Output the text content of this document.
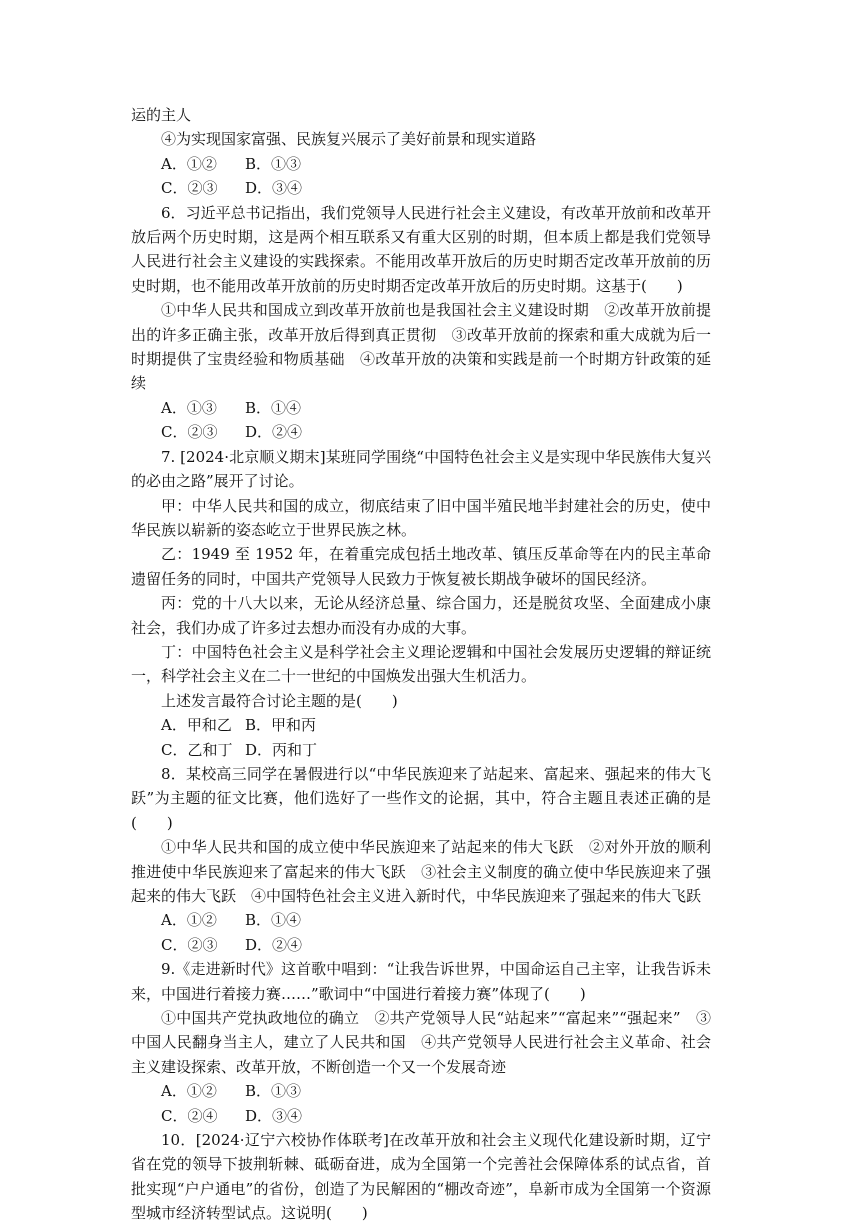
运的主人

④为实现国家富强、民族复兴展示了美好前景和现实道路

A．①②	B．①③
C．②③	D．③④

6．习近平总书记指出，我们党领导人民进行社会主义建设，有改革开放前和改革开放后两个历史时期，这是两个相互联系又有重大区别的时期，但本质上都是我们党领导人民进行社会主义建设的实践探索。不能用改革开放后的历史时期否定改革开放前的历史时期，也不能用改革开放前的历史时期否定改革开放后的历史时期。这基于(　　)

①中华人民共和国成立到改革开放前也是我国社会主义建设时期　②改革开放前提出的许多正确主张，改革开放后得到真正贯彻　③改革开放前的探索和重大成就为后一时期提供了宝贵经验和物质基础　④改革开放的决策和实践是前一个时期方针政策的延续

A．①③	B．①④
C．②③	D．②④

7. [2024·北京顺义期末]某班同学围绕“中国特色社会主义是实现中华民族伟大复兴的必由之路”展开了讨论。

甲：中华人民共和国的成立，彻底结束了旧中国半殖民地半封建社会的历史，使中华民族以崭新的姿态屹立于世界民族之林。

乙：1949 至 1952 年，在着重完成包括土地改革、镇压反革命等在内的民主革命遗留任务的同时，中国共产党领导人民致力于恢复被长期战争破坏的国民经济。

丙：党的十八大以来，无论从经济总量、综合国力，还是脱贫攻坚、全面建成小康社会，我们办成了许多过去想办而没有办成的大事。

丁：中国特色社会主义是科学社会主义理论逻辑和中国社会发展历史逻辑的辩证统一，科学社会主义在二十一世纪的中国焕发出强大生机活力。

上述发言最符合讨论主题的是(　　)

A．甲和乙 B．甲和丙
C．乙和丁 D．丙和丁

8．某校高三同学在暑假进行以“中华民族迎来了站起来、富起来、强起来的伟大飞跃”为主题的征文比赛，他们选好了一些作文的论据，其中，符合主题且表述正确的是(　　)

①中华人民共和国的成立使中华民族迎来了站起来的伟大飞跃　②对外开放的顺利推进使中华民族迎来了富起来的伟大飞跃　③社会主义制度的确立使中华民族迎来了强起来的伟大飞跃　④中国特色社会主义进入新时代，中华民族迎来了强起来的伟大飞跃

A．①②	B．①④
C．②③	D．②④

9.《走进新时代》这首歌中唱到：“让我告诉世界，中国命运自己主宰，让我告诉未来，中国进行着接力赛……”歌词中“中国进行着接力赛”体现了(　　)

①中国共产党执政地位的确立　②共产党领导人民“站起来”“富起来”“强起来”　③中国人民翻身当主人，建立了人民共和国　④共产党领导人民进行社会主义革命、社会主义建设探索、改革开放，不断创造一个又一个发展奇迹

A．①②	B．①③
C．②④	D．③④

10．[2024·辽宁六校协作体联考]在改革开放和社会主义现代化建设新时期，辽宁省在党的领导下披荆斩棘、砥砺奋进，成为全国第一个完善社会保障体系的试点省，首批实现“户户通电”的省份，创造了为民解困的“棚改奇迹”，阜新市成为全国第一个资源型城市经济转型试点。这说明(　　)
